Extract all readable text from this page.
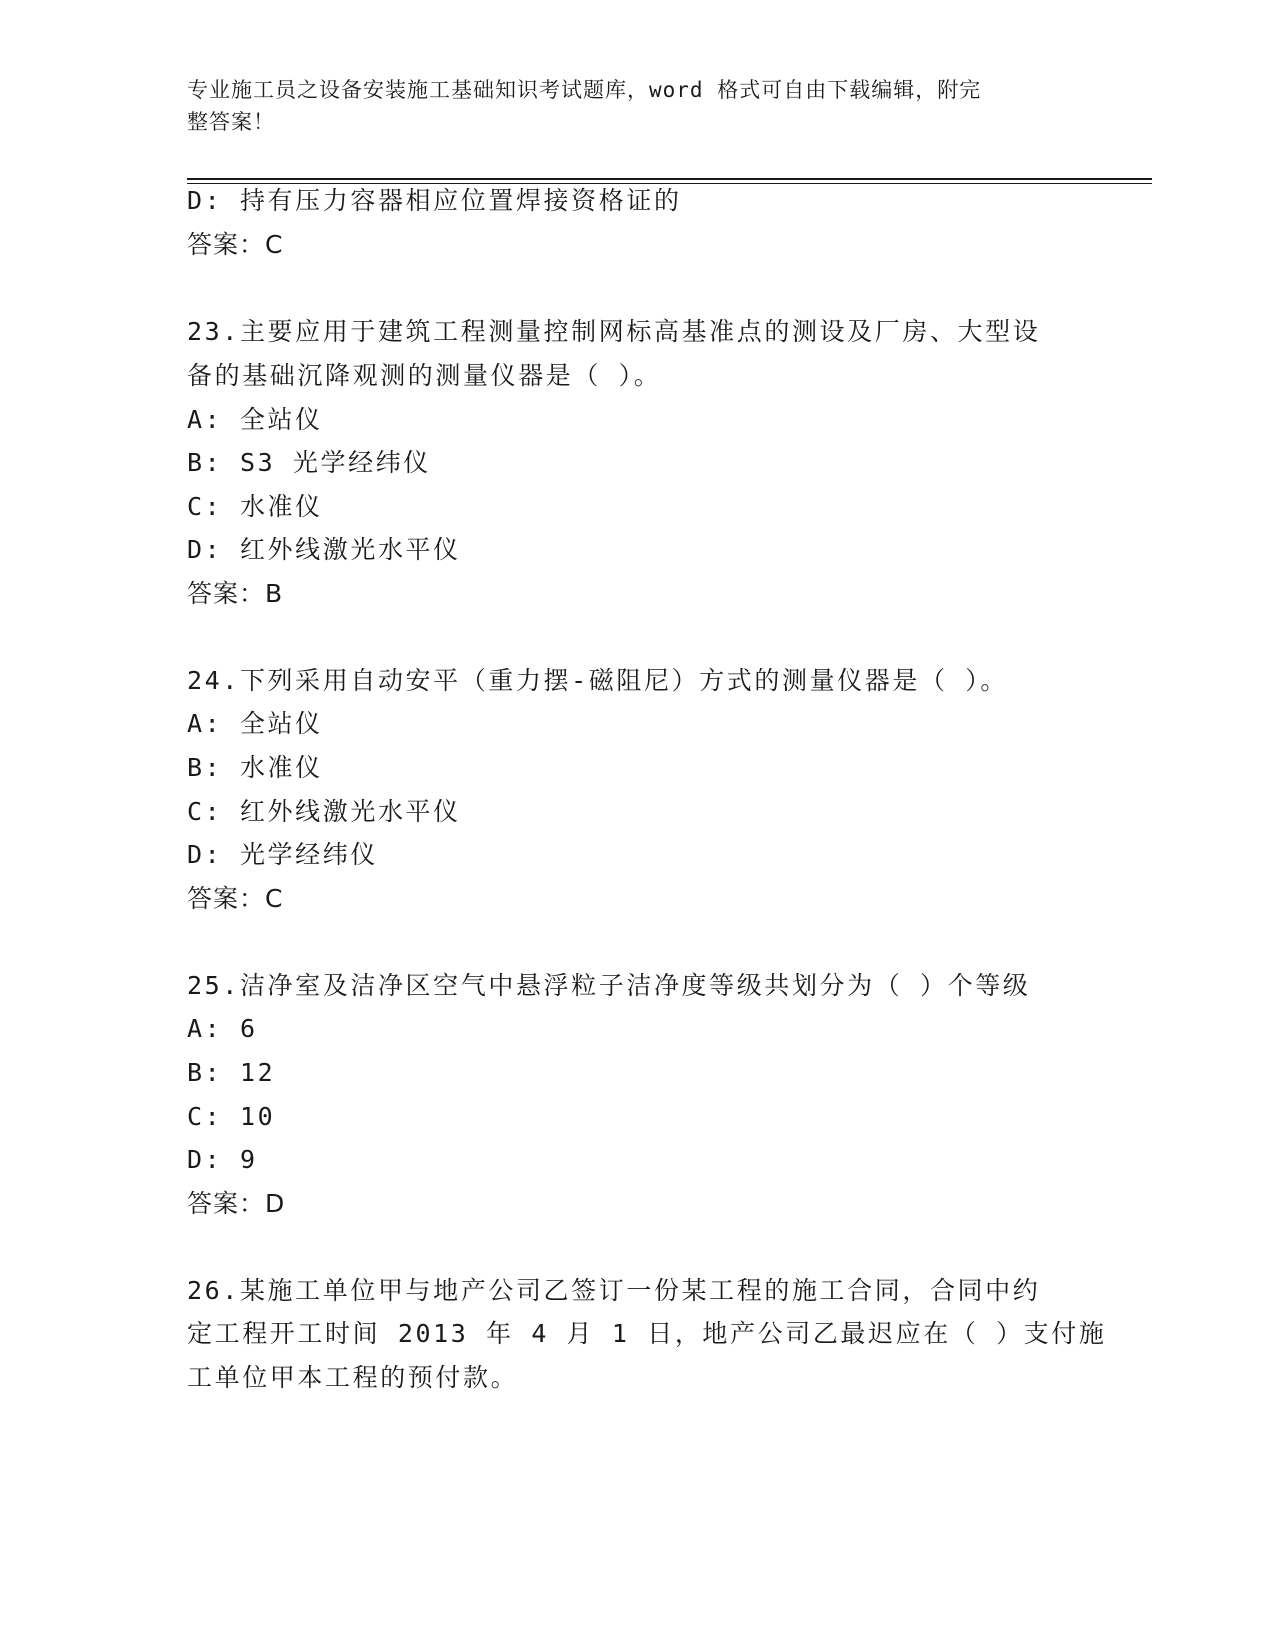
专业施工员之设备安装施工基础知识考试题库，word 格式可自由下载编辑，附完
整答案！
D: 持有压力容器相应位置焊接资格证的
答案：C
23.主要应用于建筑工程测量控制网标高基准点的测设及厂房、大型设
备的基础沉降观测的测量仪器是（ ）。
A: 全站仪
B: S3 光学经纬仪
C: 水准仪
D: 红外线激光水平仪
答案：B
24.下列采用自动安平（重力摆-磁阻尼）方式的测量仪器是（ ）。
A: 全站仪
B: 水准仪
C: 红外线激光水平仪
D: 光学经纬仪
答案：C
25.洁净室及洁净区空气中悬浮粒子洁净度等级共划分为（ ）个等级
A: 6
B: 12
C: 10
D: 9
答案：D
26.某施工单位甲与地产公司乙签订一份某工程的施工合同，合同中约
定工程开工时间 2013 年 4 月 1 日，地产公司乙最迟应在（ ）支付施
工单位甲本工程的预付款。
